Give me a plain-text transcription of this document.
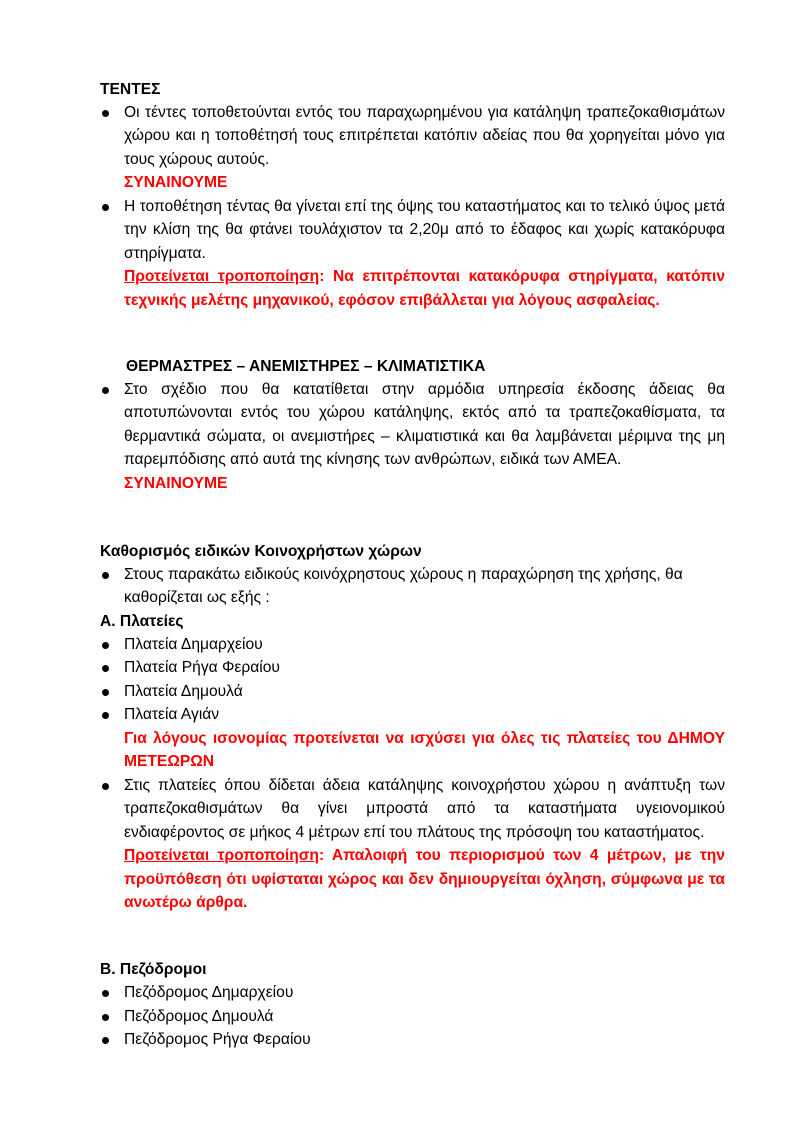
ΤΕΝΤΕΣ
Οι τέντες τοποθετούνται εντός του παραχωρημένου για κατάληψη τραπεζοκαθισμάτων χώρου και η τοποθέτησή τους επιτρέπεται κατόπιν αδείας που θα χορηγείται μόνο για τους χώρους αυτούς.
ΣΥΝΑΙΝΟΥΜΕ
Η τοποθέτηση τέντας θα γίνεται επί της όψης του καταστήματος και το τελικό ύψος μετά την κλίση της θα φτάνει τουλάχιστον τα 2,20μ από το έδαφος και χωρίς κατακόρυφα στηρίγματα.
Προτείνεται τροποποίηση: Να επιτρέπονται κατακόρυφα στηρίγματα, κατόπιν τεχνικής μελέτης μηχανικού, εφόσον επιβάλλεται για λόγους ασφαλείας.
ΘΕΡΜΑΣΤΡΕΣ – ΑΝΕΜΙΣΤΗΡΕΣ – ΚΛΙΜΑΤΙΣΤΙΚΑ
Στο σχέδιο που θα κατατίθεται στην αρμόδια υπηρεσία έκδοσης άδειας θα αποτυπώνονται εντός του χώρου κατάληψης, εκτός από τα τραπεζοκαθίσματα, τα θερμαντικά σώματα, οι ανεμιστήρες – κλιματιστικά και θα λαμβάνεται μέριμνα της μη παρεμπόδισης από αυτά της κίνησης των ανθρώπων, ειδικά των ΑΜΕΑ.
ΣΥΝΑΙΝΟΥΜΕ
Καθορισμός ειδικών Κοινοχρήστων χώρων
Στους παρακάτω ειδικούς κοινόχρηστους χώρους η παραχώρηση της χρήσης, θα καθορίζεται ως εξής :
Α. Πλατείες
Πλατεία Δημαρχείου
Πλατεία Ρήγα Φεραίου
Πλατεία Δημουλά
Πλατεία Αγιάν
Για λόγους ισονομίας προτείνεται να ισχύσει για όλες τις πλατείες του ΔΗΜΟΥ ΜΕΤΕΩΡΩΝ
Στις πλατείες όπου δίδεται άδεια κατάληψης κοινοχρήστου χώρου η ανάπτυξη των τραπεζοκαθισμάτων θα γίνει μπροστά από τα καταστήματα υγειονομικού ενδιαφέροντος σε μήκος 4 μέτρων επί του πλάτους της πρόσοψη του καταστήματος.
Προτείνεται τροποποίηση: Απαλοιφή του περιορισμού των 4 μέτρων, με την προϋπόθεση ότι υφίσταται χώρος και δεν δημιουργείται όχληση, σύμφωνα με τα ανωτέρω άρθρα.
Β. Πεζόδρομοι
Πεζόδρομος Δημαρχείου
Πεζόδρομος Δημουλά
Πεζόδρομος Ρήγα Φεραίου
